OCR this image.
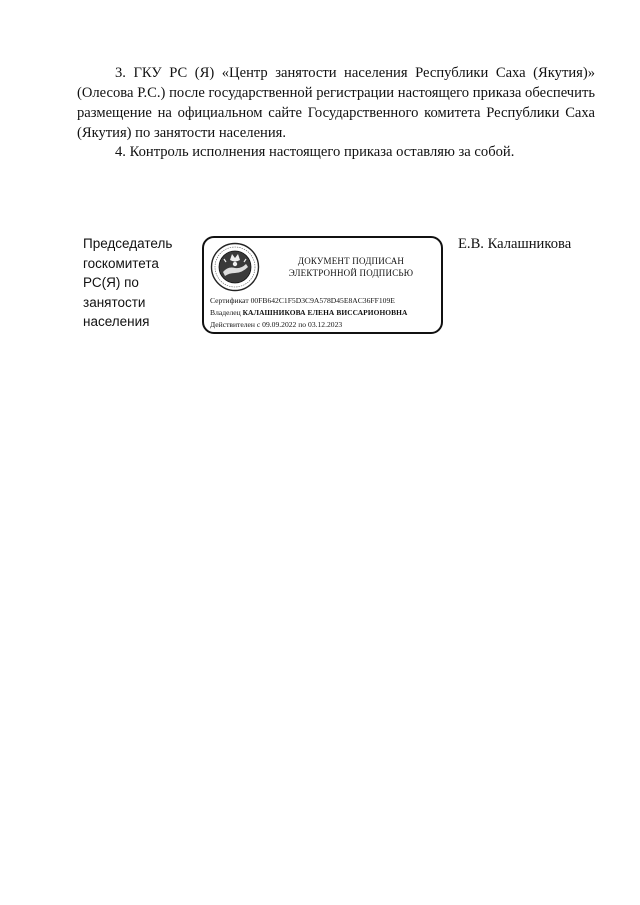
3. ГКУ РС (Я) «Центр занятости населения Республики Саха (Якутия)» (Олесова Р.С.) после государственной регистрации настоящего приказа обеспечить размещение на официальном сайте Государственного комитета Республики Саха (Якутия) по занятости населения.

4. Контроль исполнения настоящего приказа оставляю за собой.

Председатель госкомитета РС(Я) по занятости населения

ДОКУМЕНТ ПОДПИСАН
ЭЛЕКТРОННОЙ ПОДПИСЬЮ
Сертификат 00FB642C1F5D3C9A578D45E8AC36FF109E
Владелец КАЛАШНИКОВА ЕЛЕНА ВИССАРИОНОВНА
Действителен с 09.09.2022 по 03.12.2023

Е.В. Калашникова
